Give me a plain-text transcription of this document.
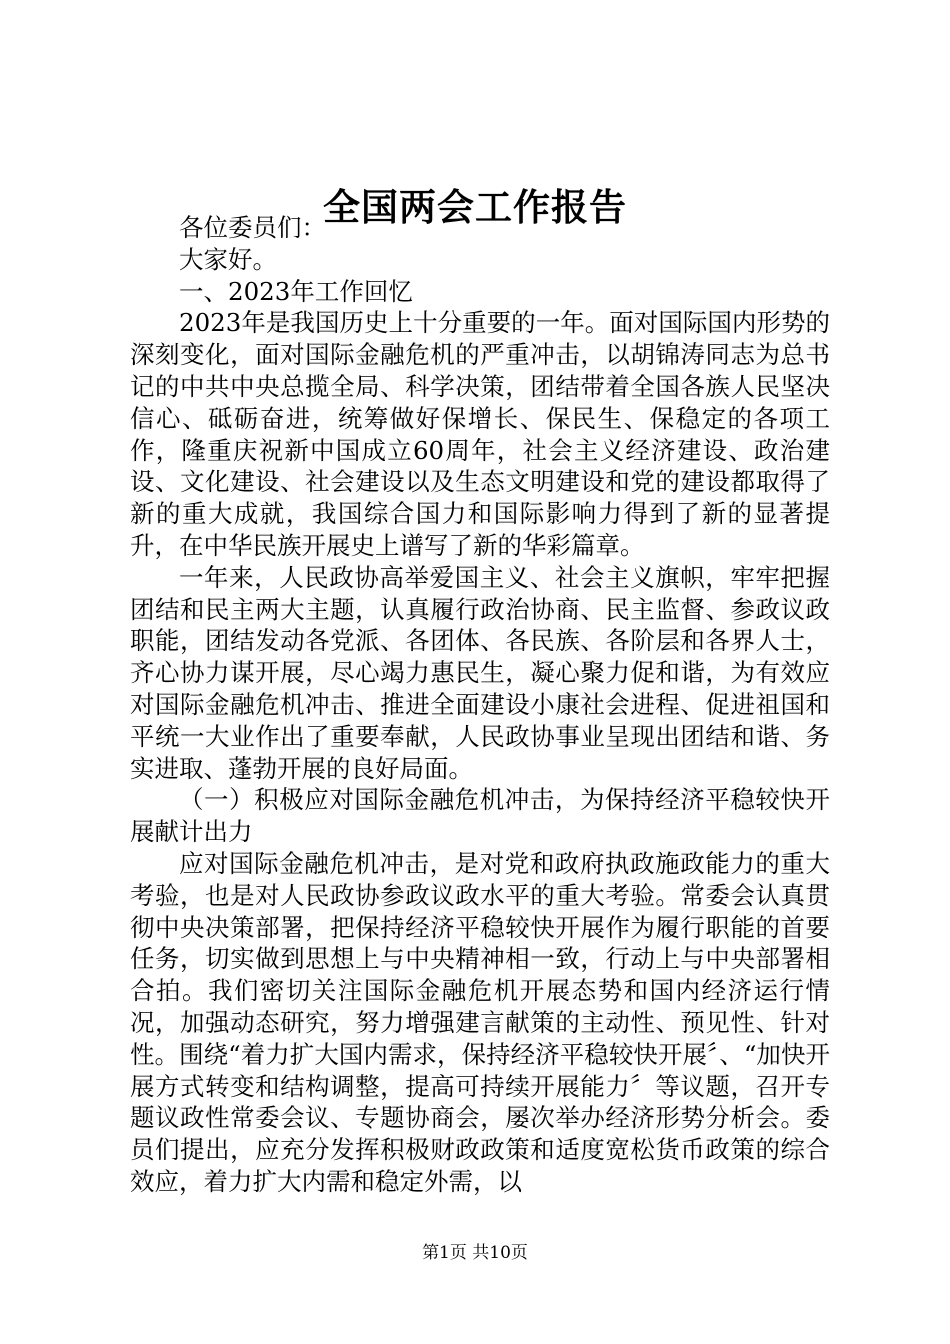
全国两会工作报告

各位委员们：

大家好。

一、2023年工作回忆

2023年是我国历史上十分重要的一年。面对国际国内形势的深刻变化，面对国际金融危机的严重冲击，以胡锦涛同志为总书记的中共中央总揽全局、科学决策，团结带着全国各族人民坚决信心、砥砺奋进，统筹做好保增长、保民生、保稳定的各项工作，隆重庆祝新中国成立60周年，社会主义经济建设、政治建设、文化建设、社会建设以及生态文明建设和党的建设都取得了新的重大成就，我国综合国力和国际影响力得到了新的显著提升，在中华民族开展史上谱写了新的华彩篇章。

一年来，人民政协高举爱国主义、社会主义旗帜，牢牢把握团结和民主两大主题，认真履行政治协商、民主监督、参政议政职能，团结发动各党派、各团体、各民族、各阶层和各界人士，齐心协力谋开展，尽心竭力惠民生，凝心聚力促和谐，为有效应对国际金融危机冲击、推进全面建设小康社会进程、促进祖国和平统一大业作出了重要奉献，人民政协事业呈现出团结和谐、务实进取、蓬勃开展的良好局面。

（一）积极应对国际金融危机冲击，为保持经济平稳较快开展献计出力

应对国际金融危机冲击，是对党和政府执政施政能力的重大考验，也是对人民政协参政议政水平的重大考验。常委会认真贯彻中央决策部署，把保持经济平稳较快开展作为履行职能的首要任务，切实做到思想上与中央精神相一致，行动上与中央部署相合拍。我们密切关注国际金融危机开展态势和国内经济运行情况，加强动态研究，努力增强建言献策的主动性、预见性、针对性。围绕“着力扩大国内需求，保持经济平稳较快开展〞、“加快开展方式转变和结构调整，提高可持续开展能力〞等议题，召开专题议政性常委会议、专题协商会，屡次举办经济形势分析会。委员们提出，应充分发挥积极财政政策和适度宽松货币政策的综合效应，着力扩大内需和稳定外需，以

第1页 共10页
